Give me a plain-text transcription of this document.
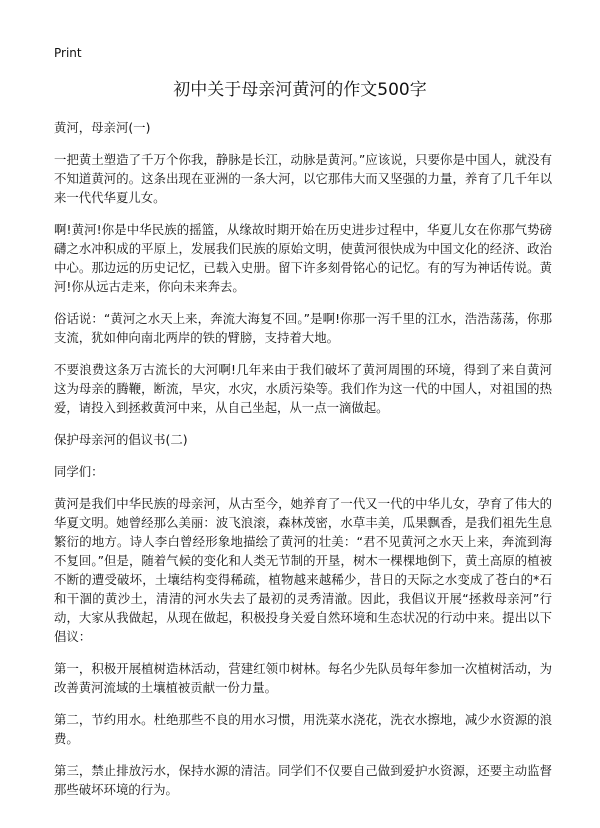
Print
初中关于母亲河黄河的作文500字
黄河，母亲河(一)

一把黄土塑造了千万个你我，静脉是长江，动脉是黄河。”应该说，只要你是中国人，就没有不知道黄河的。这条出现在亚洲的一条大河，以它那伟大而又坚强的力量，养育了几千年以来一代代华夏儿女。

啊!黄河!你是中华民族的摇篮，从缘故时期开始在历史进步过程中，华夏儿女在你那气势磅礴之水冲积成的平原上，发展我们民族的原始文明，使黄河很快成为中国文化的经济、政治中心。那边远的历史记忆，已载入史册。留下许多刻骨铭心的记忆。有的写为神话传说。黄河!你从远古走来，你向未来奔去。

俗话说：“黄河之水天上来，奔流大海复不回。”是啊!你那一泻千里的江水，浩浩荡荡，你那支流，犹如伸向南北两岸的铁的臂膀，支持着大地。

不要浪费这条万古流长的大河啊!几年来由于我们破坏了黄河周围的环境，得到了来自黄河这为母亲的腾鞭，断流，旱灾，水灾，水质污染等。我们作为这一代的中国人，对祖国的热爱，请投入到拯救黄河中来，从自己坐起，从一点一滴做起。

保护母亲河的倡议书(二)
同学们：

黄河是我们中华民族的母亲河，从古至今，她养育了一代又一代的中华儿女，孕育了伟大的华夏文明。她曾经那么美丽：波飞浪滚，森林茂密，水草丰美，瓜果飘香，是我们祖先生息繁衍的地方。诗人李白曾经形象地描绘了黄河的壮美：“君不见黄河之水天上来，奔流到海不复回。”但是，随着气候的变化和人类无节制的开垦，树木一棵棵地倒下，黄土高原的植被不断的遭受破坏，土壤结构变得稀疏，植物越来越稀少，昔日的天际之水变成了苍白的*石和干涸的黄沙土，清清的河水失去了最初的灵秀清澈。因此，我倡议开展“拯救母亲河”行动，大家从我做起，从现在做起，积极投身关爱自然环境和生态状况的行动中来。提出以下倡议：

第一，积极开展植树造林活动，营建红领巾树林。每名少先队员每年参加一次植树活动，为改善黄河流域的土壤植被贡献一份力量。

第二，节约用水。杜绝那些不良的用水习惯，用洗菜水浇花，洗衣水擦地，减少水资源的浪费。

第三，禁止排放污水，保持水源的清洁。同学们不仅要自己做到爱护水资源，还要主动监督那些破坏环境的行为。
